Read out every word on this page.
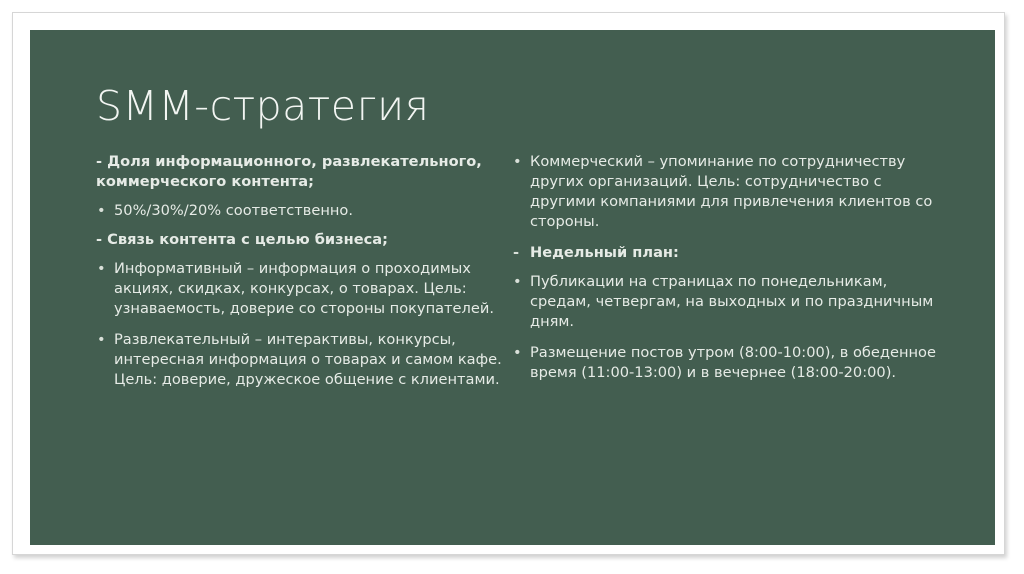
SMM-стратегия

- Доля информационного, развлекательного, коммерческого контента;

• 50%/30%/20% соответственно.

- Связь контента с целью бизнеса;

• Информативный – информация о проходимых акциях, скидках, конкурсах, о товарах. Цель: узнаваемость, доверие со стороны покупателей.

• Развлекательный – интерактивы, конкурсы, интересная информация о товарах и самом кафе. Цель: доверие, дружеское общение с клиентами.

• Коммерческий – упоминание по сотрудничеству других организаций. Цель: сотрудничество с другими компаниями для привлечения клиентов со стороны.

- Недельный план:

• Публикации на страницах по понедельникам, средам, четвергам, на выходных и по праздничным дням.

• Размещение постов утром (8:00-10:00), в обеденное время (11:00-13:00) и в вечернее (18:00-20:00).
